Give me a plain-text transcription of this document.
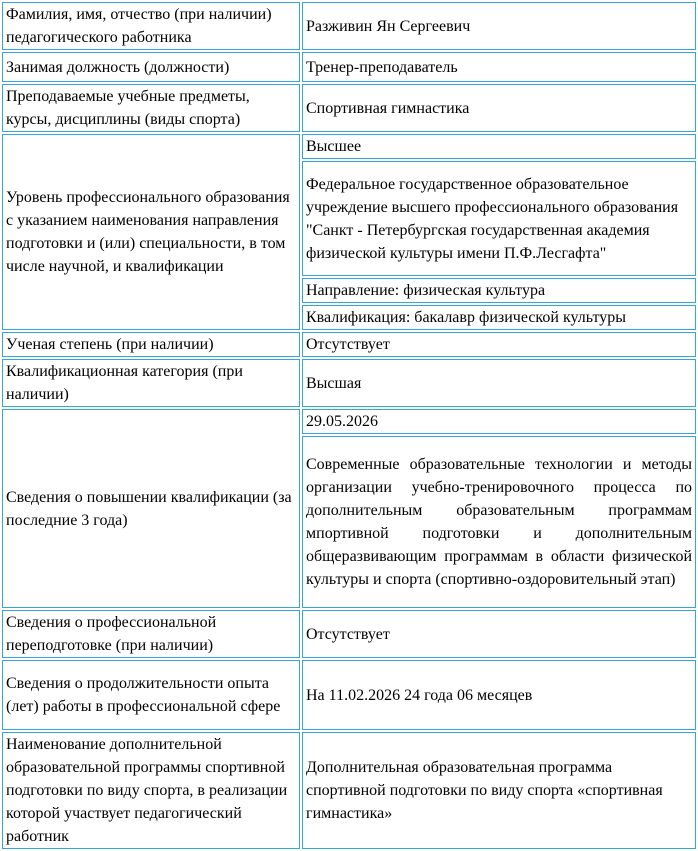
Фамилия, имя, отчество (при наличии) педагогического работника	Разживин Ян Сергеевич
Занимая должность (должности)	Тренер-преподаватель
Преподаваемые учебные предметы, курсы, дисциплины (виды спорта)	Спортивная гимнастика
Уровень профессионального образования с указанием наименования направления подготовки и (или) специальности, в том числе научной, и квалификации	Высшее
	Федеральное государственное образовательное учреждение высшего профессионального образования "Санкт - Петербургская государственная академия физической культуры имени П.Ф.Лесгафта"
	Направление: физическая культура
	Квалификация: бакалавр физической культуры
Ученая степень (при наличии)	Отсутствует
Квалификационная категория (при наличии)	Высшая
Сведения о повышении квалификации (за последние 3 года)	29.05.2026
	Современные образовательные технологии и методы организации учебно-тренировочного процесса по дополнительным образовательным программам мпортивной подготовки и дополнительным общеразвивающим программам в области физической культуры и спорта (спортивно-оздоровительный этап)
Сведения о профессиональной переподготовке (при наличии)	Отсутствует
Сведения о продолжительности опыта (лет) работы в профессиональной сфере	На 11.02.2026 24 года 06 месяцев
Наименование дополнительной образовательной программы спортивной подготовки по виду спорта, в реализации которой участвует педагогический работник	Дополнительная образовательная программа спортивной подготовки по виду спорта «спортивная гимнастика»
